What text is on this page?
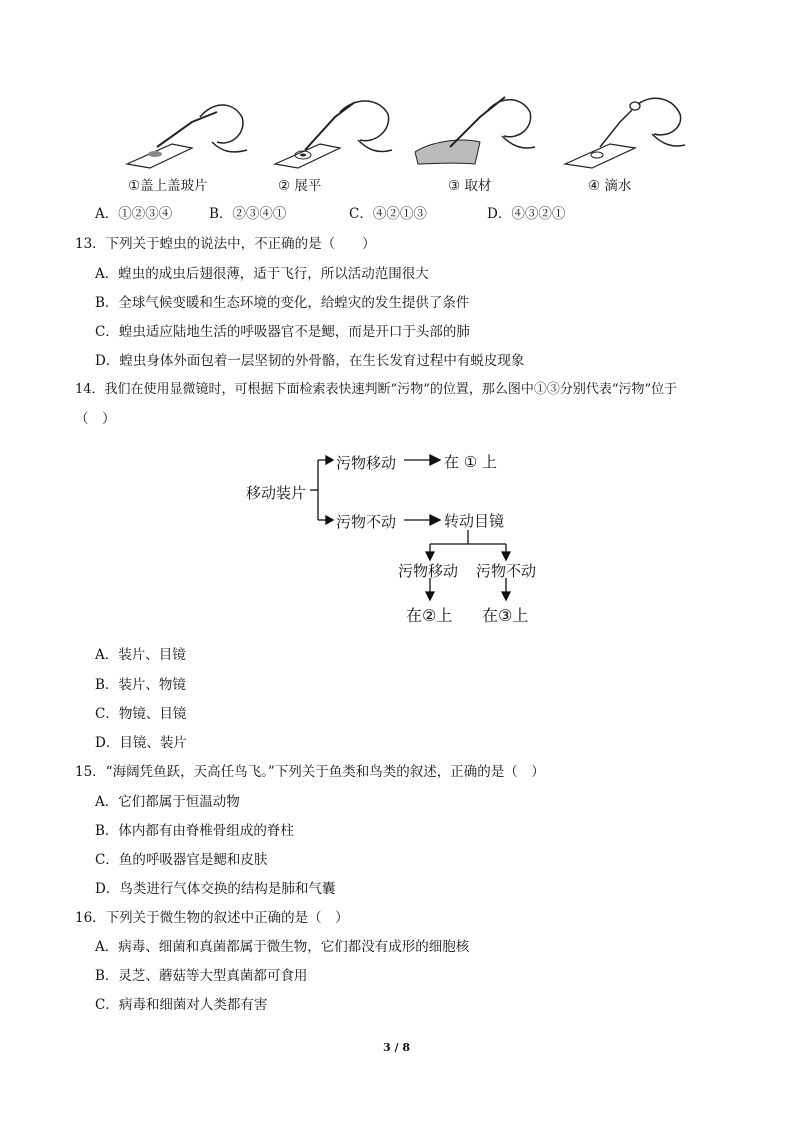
①盖上盖玻片	② 展平	③ 取材	④ 滴水
A．①②③④	B．②③④①	C．④②①③	D．④③②①
13．下列关于蝗虫的说法中，不正确的是（　　）
A．蝗虫的成虫后翅很薄，适于飞行，所以活动范围很大
B．全球气候变暖和生态环境的变化，给蝗灾的发生提供了条件
C．蝗虫适应陆地生活的呼吸器官不是鳃，而是开口于头部的肺
D．蝗虫身体外面包着一层坚韧的外骨骼，在生长发育过程中有蜕皮现象
14．我们在使用显微镜时，可根据下面检索表快速判断“污物”的位置，那么图中①③分别代表“污物”位于
（　）
移动装片
污物移动	在 ① 上
污物不动	转动目镜
污物移动 污物不动
在②上 在③上
A．装片、目镜
B．装片、物镜
C．物镜、目镜
D．目镜、装片
15．“海阔凭鱼跃，天高任鸟飞。”下列关于鱼类和鸟类的叙述，正确的是（　）
A．它们都属于恒温动物
B．体内都有由脊椎骨组成的脊柱
C．鱼的呼吸器官是鳃和皮肤
D．鸟类进行气体交换的结构是肺和气囊
16．下列关于微生物的叙述中正确的是（　）
A．病毒、细菌和真菌都属于微生物，它们都没有成形的细胞核
B．灵芝、蘑菇等大型真菌都可食用
C．病毒和细菌对人类都有害
3 / 8
